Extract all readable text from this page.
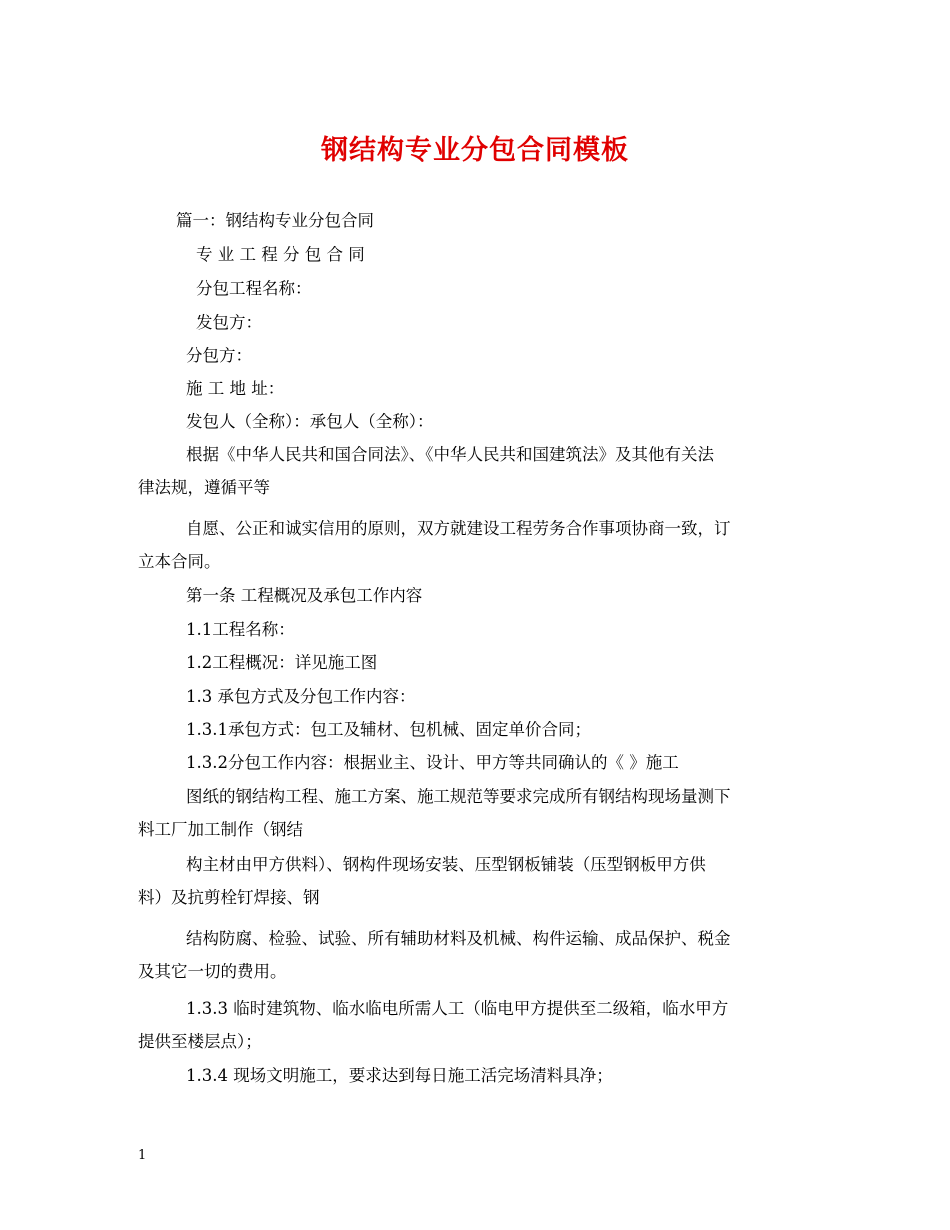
钢结构专业分包合同模板
篇一：钢结构专业分包合同
专 业 工 程 分 包 合 同
分包工程名称：
发包方：
分包方：
施 工 地 址：
发包人（全称）：承包人（全称）：
根据《中华人民共和国合同法》、《中华人民共和国建筑法》及其他有关法
律法规，遵循平等
自愿、公正和诚实信用的原则，双方就建设工程劳务合作事项协商一致，订
立本合同。
第一条 工程概况及承包工作内容
1.1工程名称：
1.2工程概况：详见施工图
1.3 承包方式及分包工作内容：
1.3.1承包方式：包工及辅材、包机械、固定单价合同；
1.3.2分包工作内容：根据业主、设计、甲方等共同确认的《 》施工
图纸的钢结构工程、施工方案、施工规范等要求完成所有钢结构现场量测下
料工厂加工制作（钢结
构主材由甲方供料）、钢构件现场安装、压型钢板铺装（压型钢板甲方供
料）及抗剪栓钉焊接、钢
结构防腐、检验、试验、所有辅助材料及机械、构件运输、成品保护、税金
及其它一切的费用。
1.3.3 临时建筑物、临水临电所需人工（临电甲方提供至二级箱，临水甲方
提供至楼层点）；
1.3.4 现场文明施工，要求达到每日施工活完场清料具净；
1
